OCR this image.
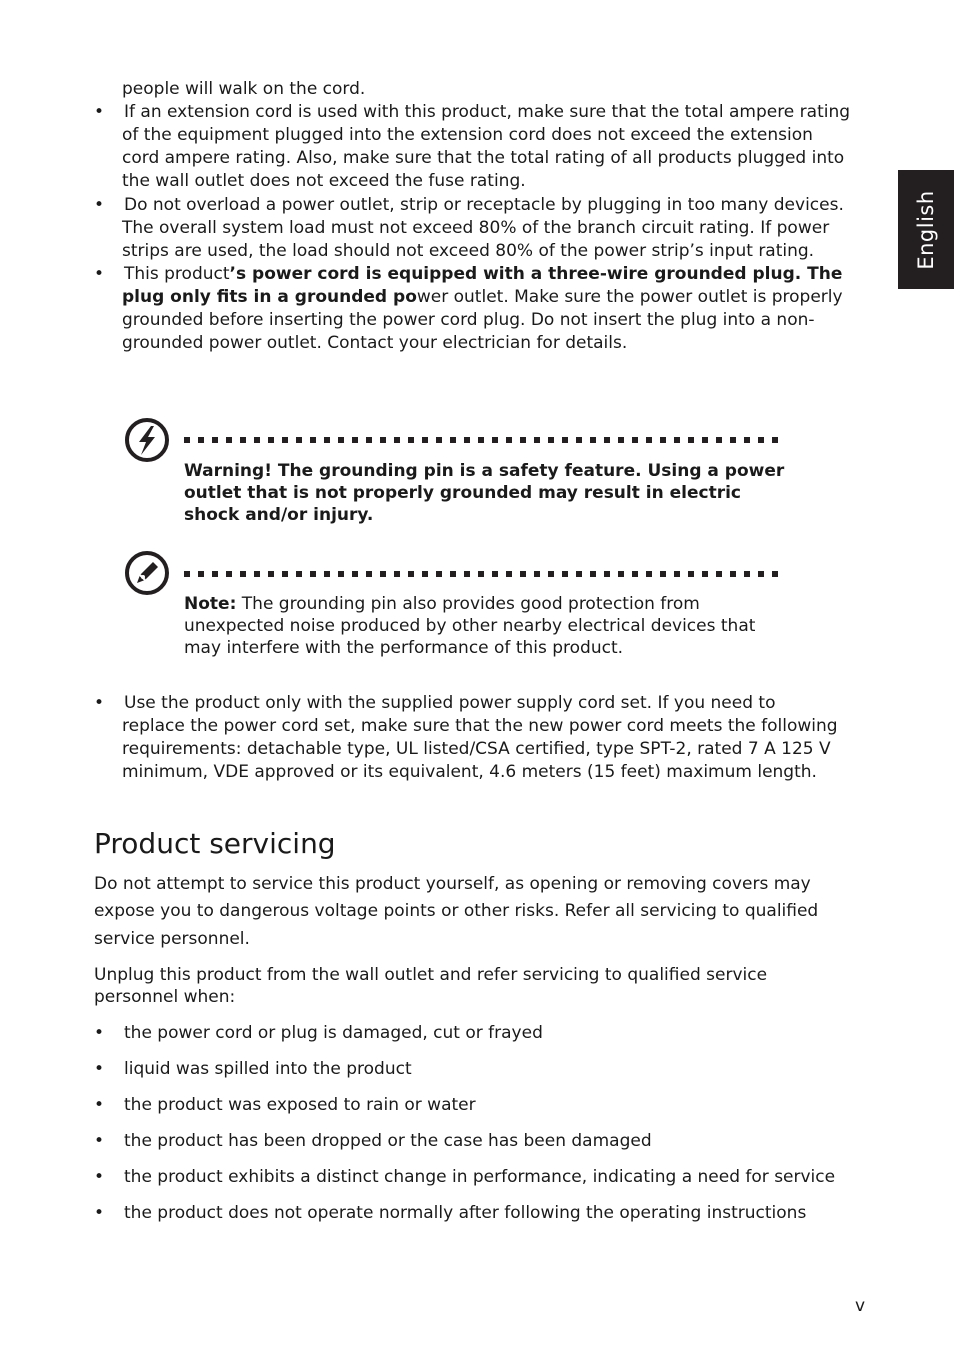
English
people will walk on the cord.
• If an extension cord is used with this product, make sure that the total ampere rating
of the equipment plugged into the extension cord does not exceed the extension
cord ampere rating. Also, make sure that the total rating of all products plugged into
the wall outlet does not exceed the fuse rating.
• Do not overload a power outlet, strip or receptacle by plugging in too many devices.
The overall system load must not exceed 80% of the branch circuit rating. If power
strips are used, the load should not exceed 80% of the power strip’s input rating.
• This product’s power cord is equipped with a three-wire grounded plug. The
plug only fits in a grounded power outlet. Make sure the power outlet is properly
grounded before inserting the power cord plug. Do not insert the plug into a non-
grounded power outlet. Contact your electrician for details.
Warning! The grounding pin is a safety feature. Using a power
outlet that is not properly grounded may result in electric
shock and/or injury.
Note: The grounding pin also provides good protection from
unexpected noise produced by other nearby electrical devices that
may interfere with the performance of this product.
• Use the product only with the supplied power supply cord set. If you need to
replace the power cord set, make sure that the new power cord meets the following
requirements: detachable type, UL listed/CSA certified, type SPT-2, rated 7 A 125 V
minimum, VDE approved or its equivalent, 4.6 meters (15 feet) maximum length.
Product servicing
Do not attempt to service this product yourself, as opening or removing covers may
expose you to dangerous voltage points or other risks. Refer all servicing to qualified
service personnel.
Unplug this product from the wall outlet and refer servicing to qualified service
personnel when:
• the power cord or plug is damaged, cut or frayed
• liquid was spilled into the product
• the product was exposed to rain or water
• the product has been dropped or the case has been damaged
• the product exhibits a distinct change in performance, indicating a need for service
• the product does not operate normally after following the operating instructions
v
